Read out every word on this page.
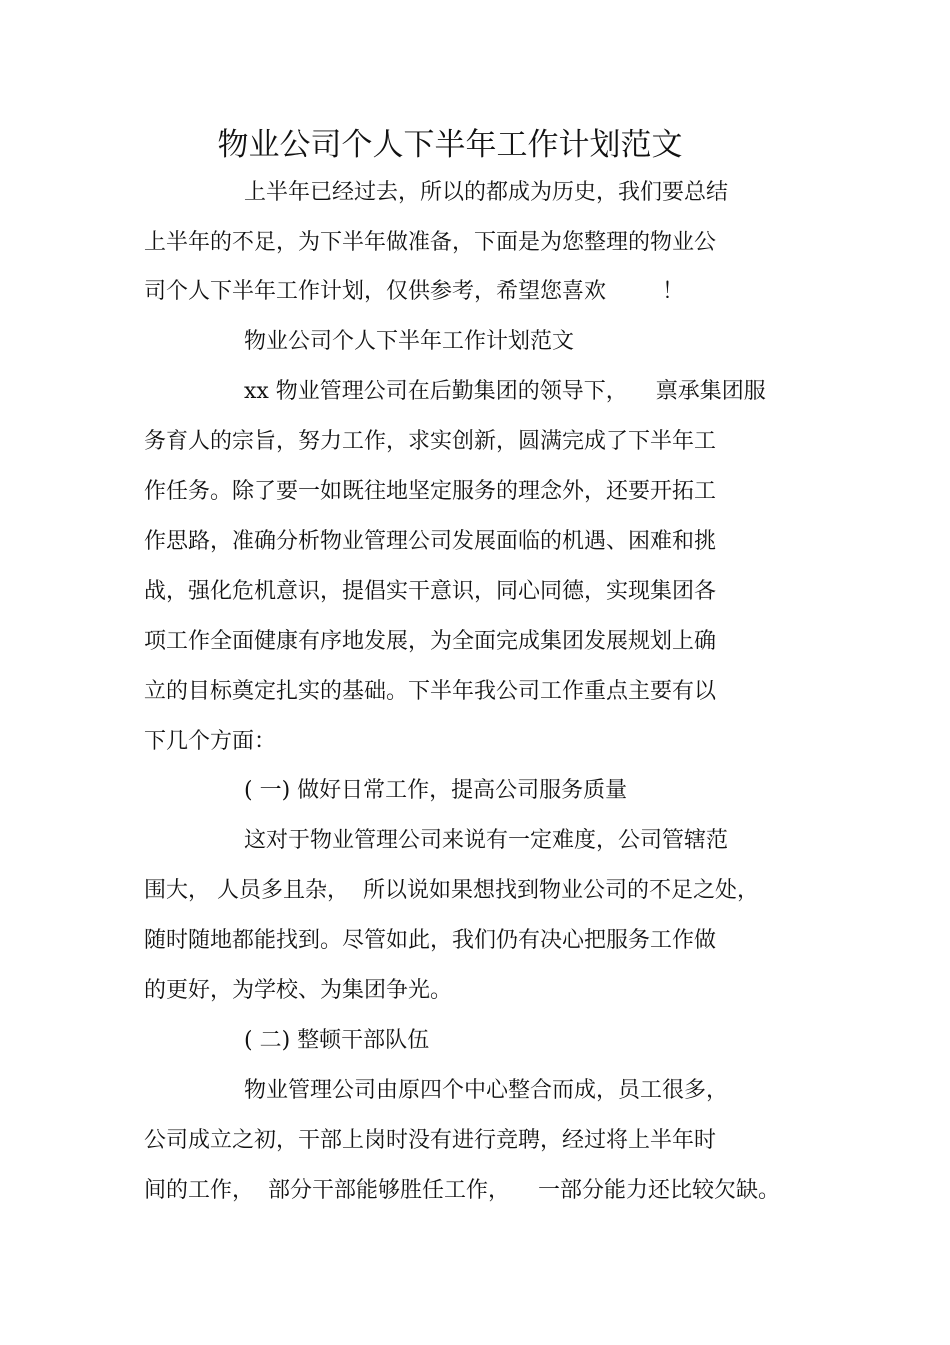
物业公司个人下半年工作计划范文
上半年已经过去，所以的都成为历史，我们要总结
上半年的不足，为下半年做准备，下面是为您整理的物业公
司个人下半年工作计划，仅供参考，希望您喜欢        ！
物业公司个人下半年工作计划范文
xx 物业管理公司在后勤集团的领导下，    禀承集团服
务育人的宗旨，努力工作，求实创新，圆满完成了下半年工
作任务。除了要一如既往地坚定服务的理念外，还要开拓工
作思路，准确分析物业管理公司发展面临的机遇、困难和挑
战，强化危机意识，提倡实干意识，同心同德，实现集团各
项工作全面健康有序地发展，为全面完成集团发展规划上确
立的目标奠定扎实的基础。下半年我公司工作重点主要有以
下几个方面：
( 一) 做好日常工作，提高公司服务质量
这对于物业管理公司来说有一定难度，公司管辖范
围大， 人员多且杂，  所以说如果想找到物业公司的不足之处，
随时随地都能找到。尽管如此，我们仍有决心把服务工作做
的更好，为学校、为集团争光。
( 二) 整顿干部队伍
物业管理公司由原四个中心整合而成，员工很多，
公司成立之初，干部上岗时没有进行竞聘，经过将上半年时
间的工作，  部分干部能够胜任工作，    一部分能力还比较欠缺。
